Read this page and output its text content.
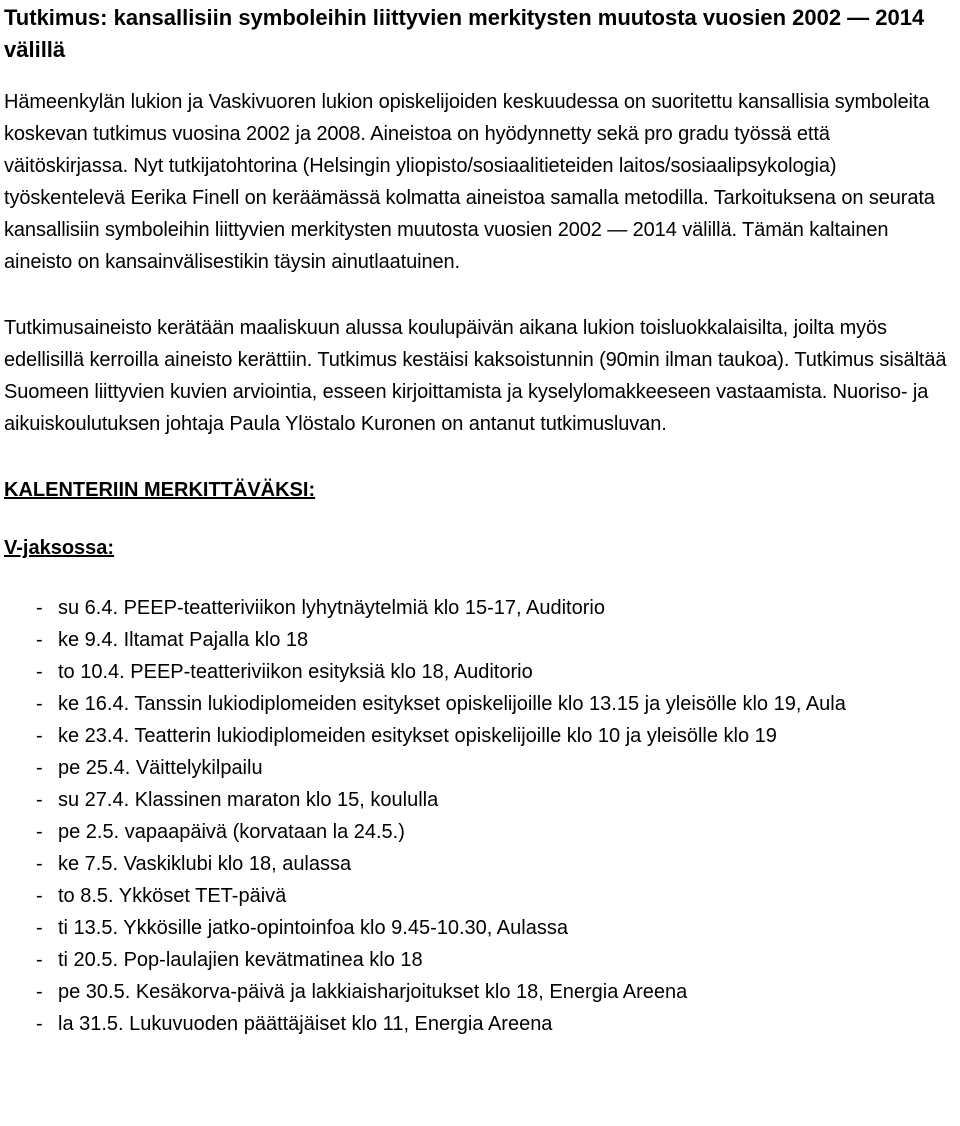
Tutkimus: kansallisiin symboleihin liittyvien merkitysten muutosta vuosien 2002 — 2014 välillä

Hämeenkylän lukion ja Vaskivuoren lukion opiskelijoiden keskuudessa on suoritettu kansallisia symboleita koskevan tutkimus vuosina 2002 ja 2008. Aineistoa on hyödynnetty sekä pro gradu työssä että väitöskirjassa. Nyt tutkijatohtorina (Helsingin yliopisto/sosiaalitieteiden laitos/sosiaalipsykologia) työskentelevä Eerika Finell on keräämässä kolmatta aineistoa samalla metodilla. Tarkoituksena on seurata kansallisiin symboleihin liittyvien merkitysten muutosta vuosien 2002 — 2014 välillä. Tämän kaltainen aineisto on kansainvälisestikin täysin ainutlaatuinen.

Tutkimusaineisto kerätään maaliskuun alussa koulupäivän aikana lukion toisluokkalaisilta, joilta myös edellisillä kerroilla aineisto kerättiin. Tutkimus kestäisi kaksoistunnin (90min ilman taukoa). Tutkimus sisältää Suomeen liittyvien kuvien arviointia, esseen kirjoittamista ja kyselylomakkeeseen vastaamista. Nuoriso- ja aikuiskoulutuksen johtaja Paula Ylöstalo Kuronen on antanut tutkimusluvan.

KALENTERIIN MERKITTÄVÄKSI:
V-jaksossa:
- su 6.4. PEEP-teatteriviikon lyhytnäytelmiä klo 15-17, Auditorio
- ke 9.4. Iltamat Pajalla klo 18
- to 10.4. PEEP-teatteriviikon esityksiä klo 18, Auditorio
- ke 16.4. Tanssin lukiodiplomeiden esitykset opiskelijoille klo 13.15 ja yleisölle klo 19, Aula
- ke 23.4. Teatterin lukiodiplomeiden esitykset opiskelijoille klo 10 ja yleisölle klo 19
- pe 25.4. Väittelykilpailu
- su 27.4. Klassinen maraton klo 15, koululla
- pe 2.5. vapaapäivä (korvataan la 24.5.)
- ke 7.5. Vaskiklubi klo 18, aulassa
- to 8.5. Ykköset TET-päivä
- ti 13.5. Ykkösille jatko-opintoinfoa klo 9.45-10.30, Aulassa
- ti 20.5. Pop-laulajien kevätmatinea klo 18
- pe 30.5. Kesäkorva-päivä ja lakkiaisharjoitukset klo 18, Energia Areena
- la 31.5. Lukuvuoden päättäjäiset klo 11, Energia Areena
